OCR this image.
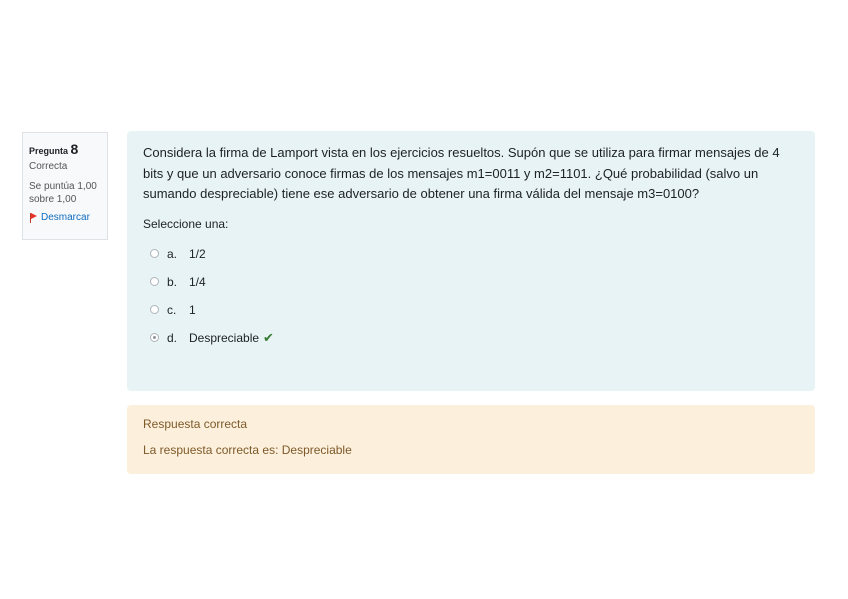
Pregunta 8
Correcta
Se puntúa 1,00 sobre 1,00
Desmarcar

Considera la firma de Lamport vista en los ejercicios resueltos. Supón que se utiliza para firmar mensajes de 4 bits y que un adversario conoce firmas de los mensajes m1=0011 y m2=1101. ¿Qué probabilidad (salvo un sumando despreciable) tiene ese adversario de obtener una firma válida del mensaje m3=0100?

Seleccione una:

a. 1/2
b. 1/4
c.	1
d. Despreciable ✔

Respuesta correcta

La respuesta correcta es: Despreciable
